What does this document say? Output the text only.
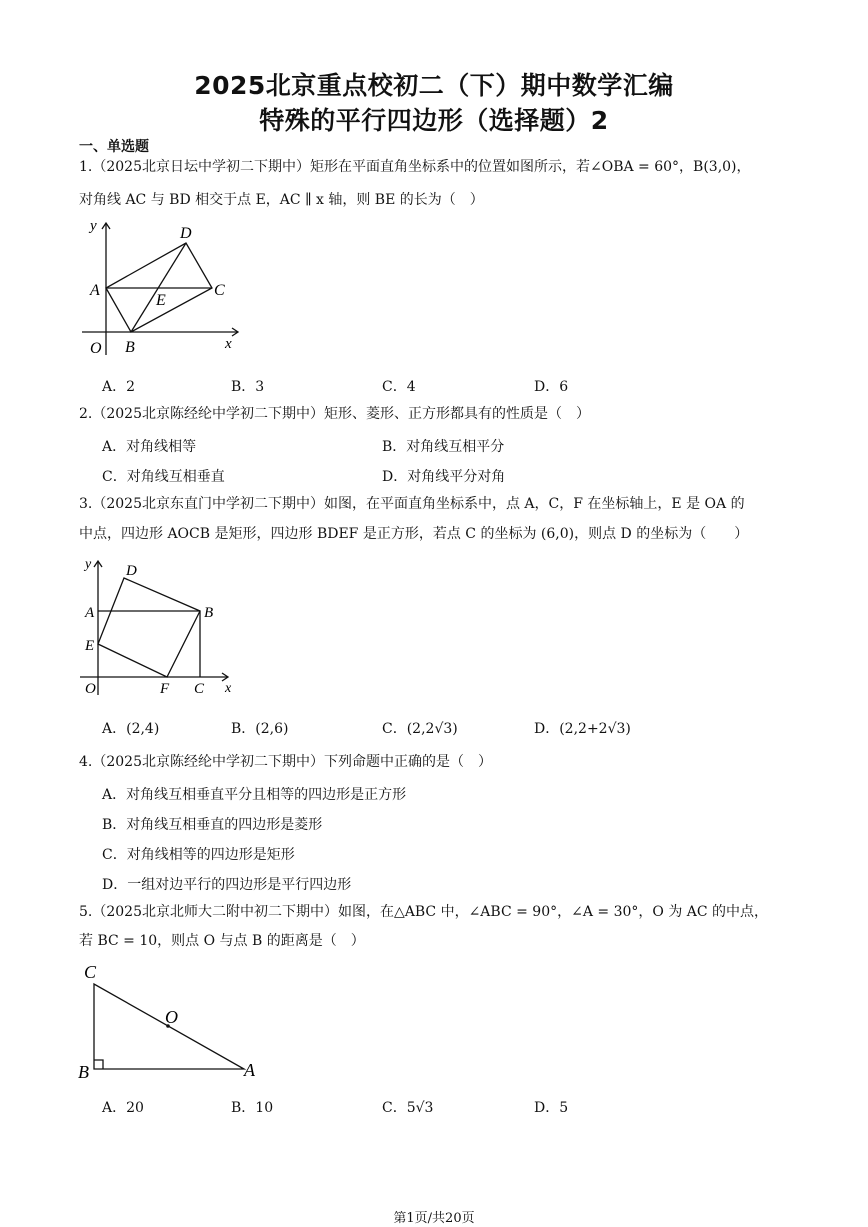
2025北京重点校初二（下）期中数学汇编
特殊的平行四边形（选择题）2
一、单选题
1.（2025北京日坛中学初二下期中）矩形在平面直角坐标系中的位置如图所示，若∠OBA = 60°，B(3,0)，
对角线 AC 与 BD 相交于点 E，AC ∥ x 轴，则 BE 的长为（　）
y
x
O
A
B
C
D
E
A．2	B．3	C．4	D．6
2.（2025北京陈经纶中学初二下期中）矩形、菱形、正方形都具有的性质是（　）
A．对角线相等	B．对角线互相平分
C．对角线互相垂直	D．对角线平分对角
3.（2025北京东直门中学初二下期中）如图，在平面直角坐标系中，点 A，C，F 在坐标轴上，E 是 OA 的
中点，四边形 AOCB 是矩形，四边形 BDEF 是正方形，若点 C 的坐标为 (6,0)，则点 D 的坐标为（　　）
y
x
O
A	B
C
D
E
F
A．(2,4)	B．(2,6)	C．(2,2√3)	D．(2,2+2√3)
4.（2025北京陈经纶中学初二下期中）下列命题中正确的是（　）
A．对角线互相垂直平分且相等的四边形是正方形
B．对角线互相垂直的四边形是菱形
C．对角线相等的四边形是矩形
D．一组对边平行的四边形是平行四边形
5.（2025北京北师大二附中初二下期中）如图，在△ABC 中，∠ABC = 90°，∠A = 30°，O 为 AC 的中点，
若 BC = 10，则点 O 与点 B 的距离是（　）
C
B	A
O
A．20	B．10	C．5√3	D．5
第1页/共20页
